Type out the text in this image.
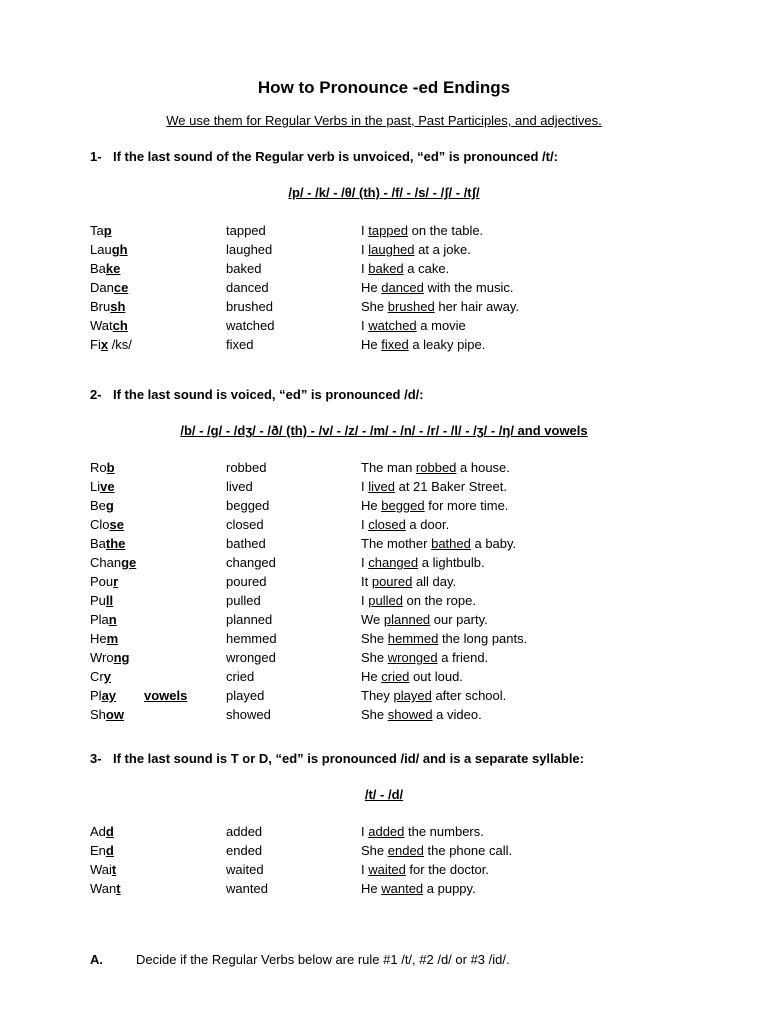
How to Pronounce -ed Endings
We use them for Regular Verbs in the past, Past Participles, and adjectives.
1- If the last sound of the Regular verb is unvoiced, “ed” is pronounced /t/:
/p/ - /k/ - /θ/ (th) - /f/ - /s/ - /ʃ/ - /tʃ/
Tap	tapped	I tapped on the table.
Laugh	laughed	I laughed at a joke.
Bake	baked	I baked a cake.
Dance	danced	He danced with the music.
Brush	brushed	She brushed her hair away.
Watch	watched	I watched a movie
Fix /ks/	fixed	He fixed a leaky pipe.
2- If the last sound is voiced, “ed” is pronounced /d/:
/b/ - /g/ - /dʒ/ - /ð/ (th) - /v/ - /z/ - /m/ - /n/ - /r/ - /l/ - /ʒ/ - /ŋ/ and vowels
Rob	robbed	The man robbed a house.
Live	lived	I lived at 21 Baker Street.
Beg	begged	He begged for more time.
Close	closed	I closed a door.
Bathe	bathed	The mother bathed a baby.
Change	changed	I changed a lightbulb.
Pour	poured	It poured all day.
Pull	pulled	I pulled on the rope.
Plan	planned	We planned our party.
Hem	hemmed	She hemmed the long pants.
Wrong	wronged	She wronged a friend.
Cry	cried	He cried out loud.
Play vowels	played	They played after school.
Show	showed	She showed a video.
3- If the last sound is T or D, “ed” is pronounced /id/ and is a separate syllable:
/t/ - /d/
Add	added	I added the numbers.
End	ended	She ended the phone call.
Wait	waited	I waited for the doctor.
Want	wanted	He wanted a puppy.
A.	Decide if the Regular Verbs below are rule #1 /t/, #2 /d/ or #3 /id/.
